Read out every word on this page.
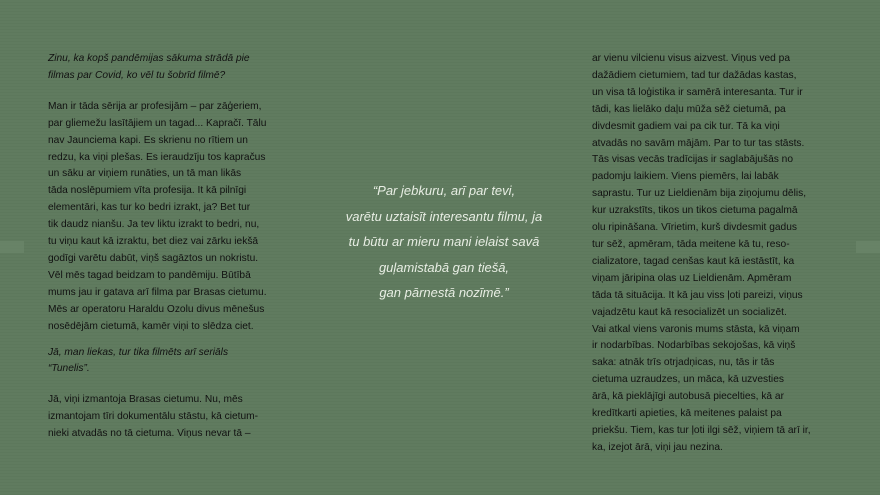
Zinu, ka kopš pandēmijas sākuma strādā pie
filmas par Covid, ko vēl tu šobrīd filmē?

Man ir tāda sērija ar profesijām – par zāģeriem,
par gliemežu lasītājiem un tagad... Kapračī. Tālu
nav Jaunciema kapi. Es skrienu no rītiem un
redzu, ka viņi plešas. Es ieraudzīju tos kapračus
un sāku ar viņiem runāties, un tā man likās
tāda noslēpumiem vīta profesija. It kā pilnīgi
elementāri, kas tur ko bedri izrakt, ja? Bet tur
tik daudz nianšu. Ja tev liktu izrakt to bedri, nu,
tu viņu kaut kā izraktu, bet diez vai zārku iekšā
godīgi varētu dabūt, viņš sagāztos un nokristu.
Vēl mēs tagad beidzam to pandēmiju. Būtībā
mums jau ir gatava arī filma par Brasas cietumu.
Mēs ar operatoru Haraldu Ozolu divus mēnešus
nosēdējām cietumā, kamēr viņi to slēdza ciet.

Jā, man liekas, tur tika filmēts arī seriāls
“Tunelis”.

Jā, viņi izmantoja Brasas cietumu. Nu, mēs
izmantojam tīri dokumentālu stāstu, kā cietum-
nieki atvadās no tā cietuma. Viņus nevar tā –

“Par jebkuru, arī par tevi,
varētu uztaisīt interesantu filmu, ja
tu būtu ar mieru mani ielaist savā
guļamistabā gan tiešā,
gan pārnestā nozīmē.”

ar vienu vilcienu visus aizvest. Viņus ved pa
dažādiem cietumiem, tad tur dažādas kastas,
un visa tā loģistika ir samērā interesanta. Tur ir
tādi, kas lielāko daļu mūža sēž cietumā, pa
divdesmit gadiem vai pa cik tur. Tā ka viņi
atvadās no savām mājām. Par to tur tas stāsts.
Tās visas vecās tradīcijas ir saglabājušās no
padomju laikiem. Viens piemērs, lai labāk
saprastu. Tur uz Lieldienām bija ziņojumu dēlis,
kur uzrakstīts, tikos un tikos cietuma pagalmā
olu ripināšana. Vīrietim, kurš divdesmit gadus
tur sēž, apmēram, tāda meitene kā tu, reso-
cializatore, tagad cenšas kaut kā iestāstīt, ka
viņam jāripina olas uz Lieldienām. Apmēram
tāda tā situācija. It kā jau viss ļoti pareizi, viņus
vajadzētu kaut kā resocializēt un socializēt.
Vai atkal viens varonis mums stāsta, kā viņam
ir nodarbības. Nodarbības sekojošas, kā viņš
saka: atnāk trīs otrjadņicas, nu, tās ir tās
cietuma uzraudzes, un māca, kā uzvesties
ārā, kā pieklājīgi autobusā piecelties, kā ar
kredītkarti apieties, kā meitenes palaist pa
priekšu. Tiem, kas tur ļoti ilgi sēž, viņiem tā arī ir,
ka, izejot ārā, viņi jau nezina.
